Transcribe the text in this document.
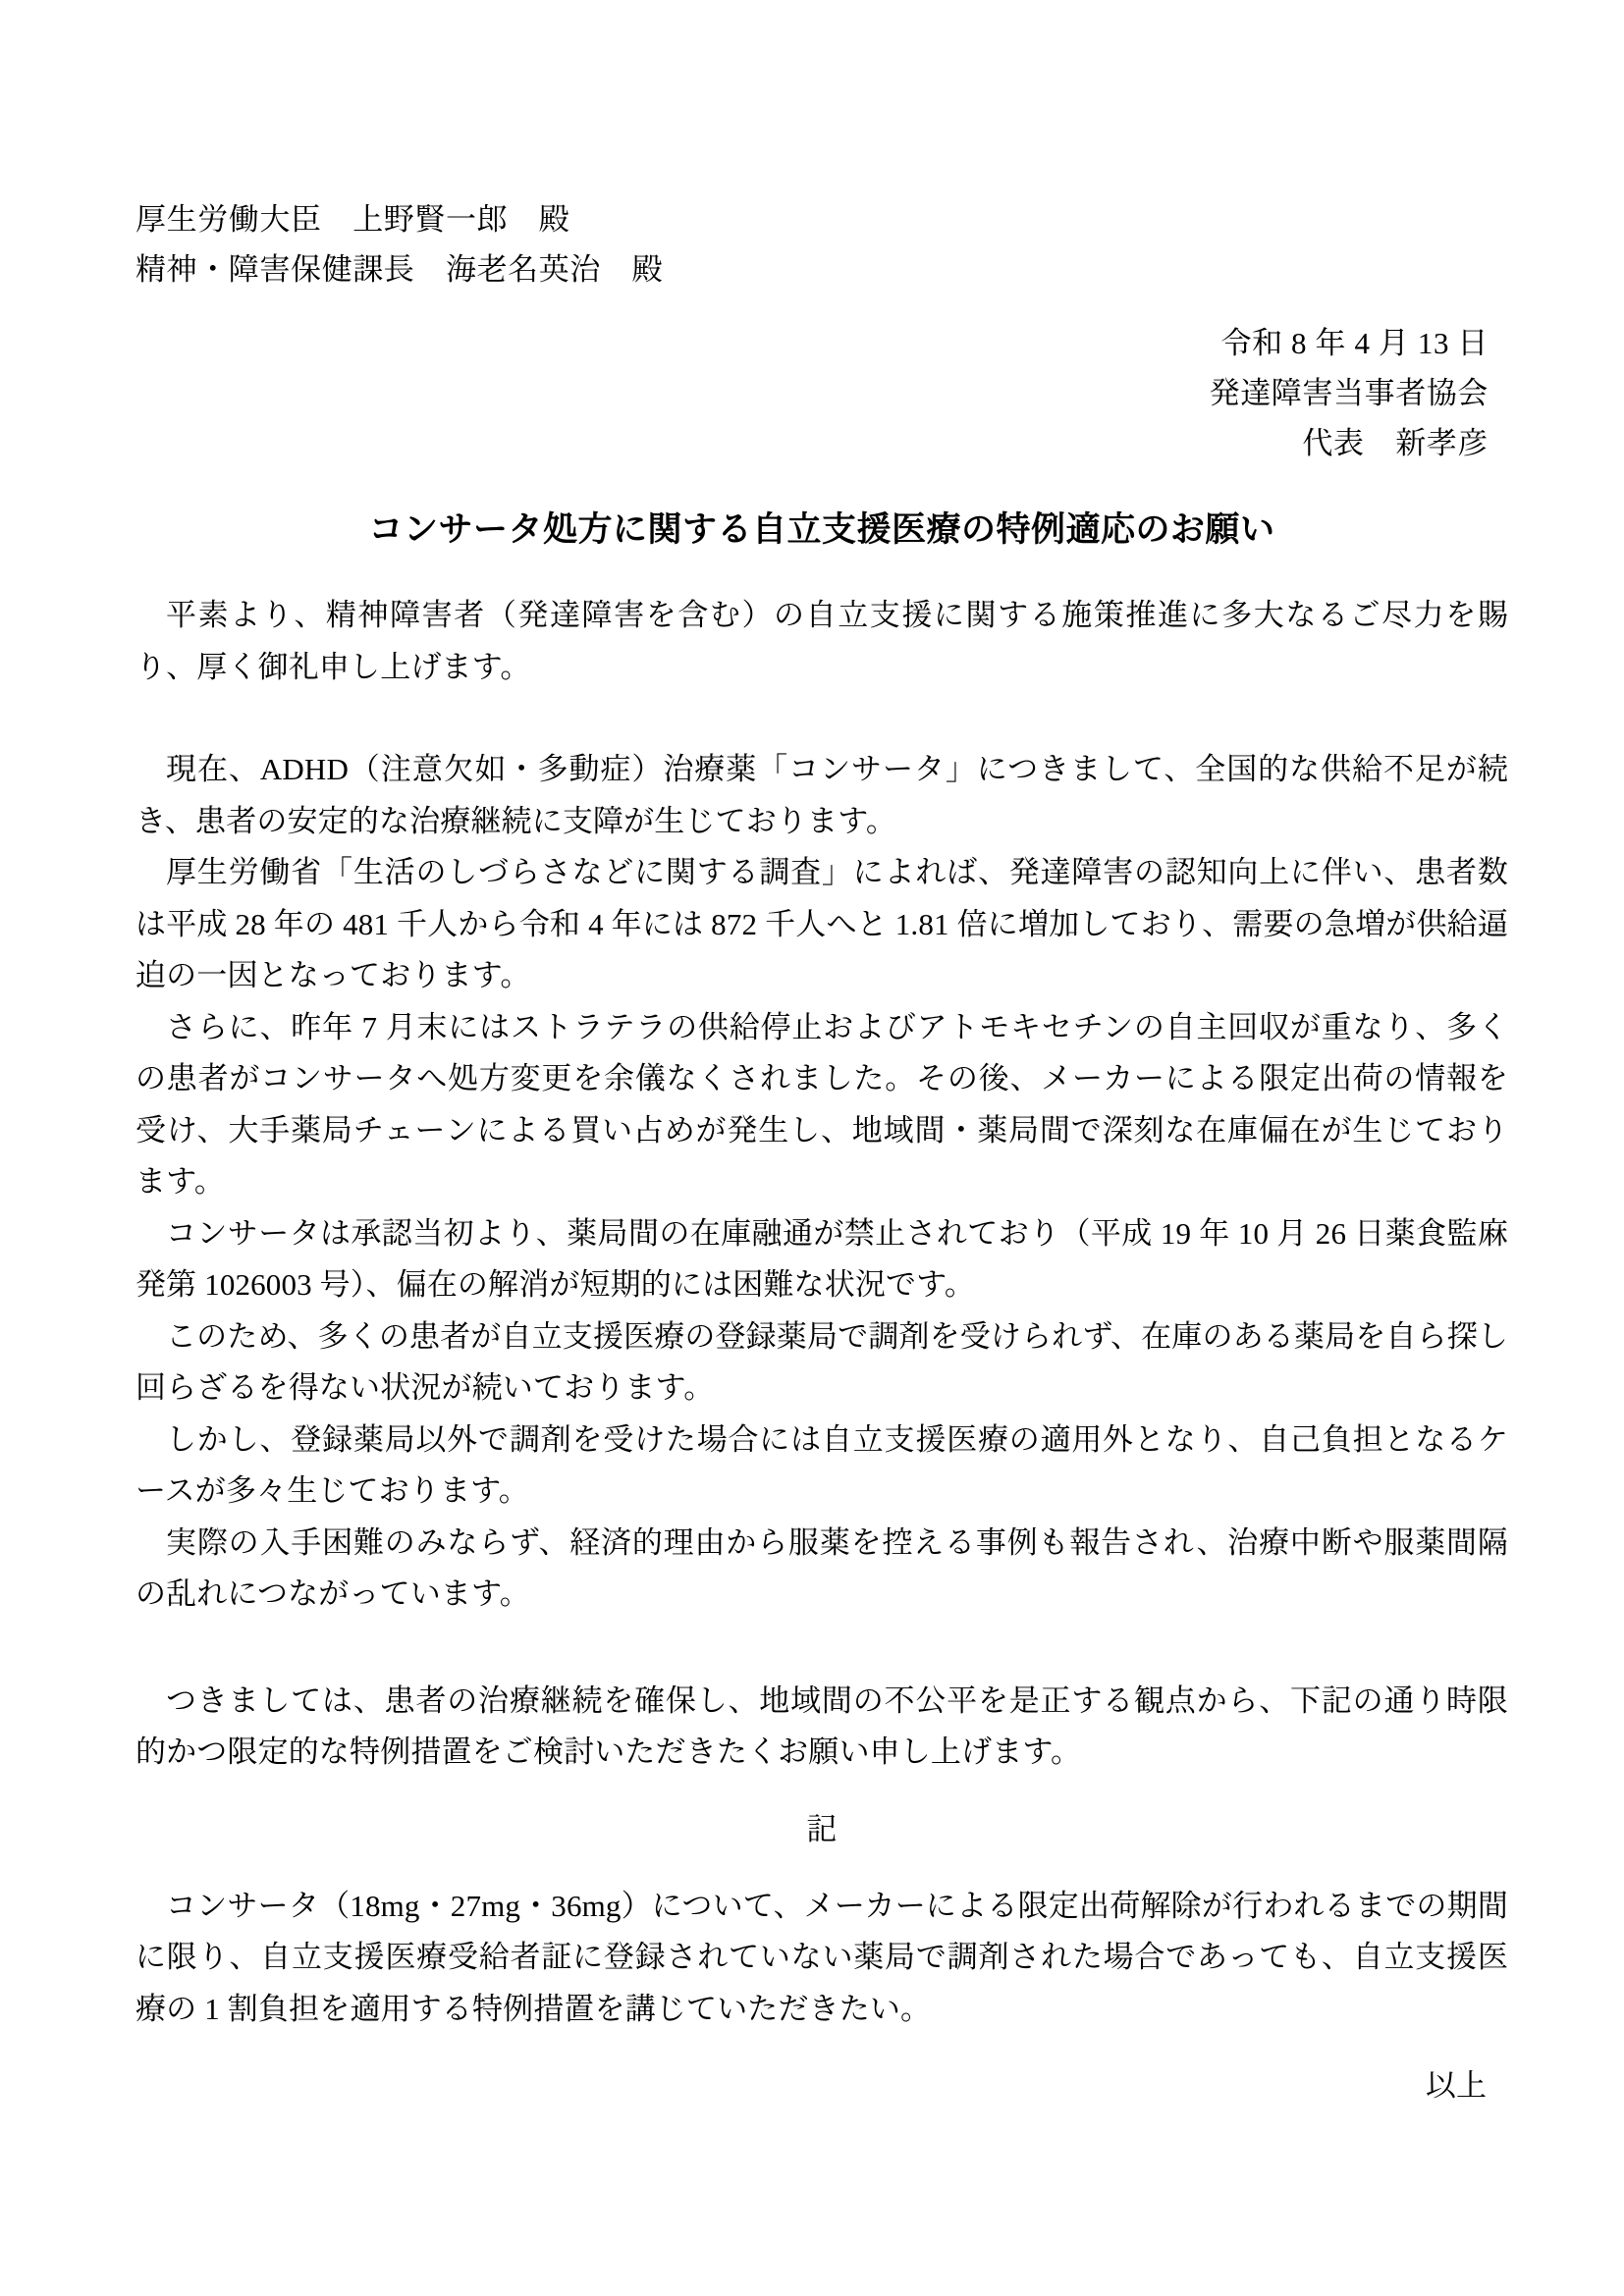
厚生労働大臣　上野賢一郎　殿
精神・障害保健課長　海老名英治　殿
令和 8 年 4 月 13 日
発達障害当事者協会
代表　新孝彦
コンサータ処方に関する自立支援医療の特例適応のお願い

平素より、精神障害者（発達障害を含む）の自立支援に関する施策推進に多大なるご尽力を賜り、厚く御礼申し上げます。

現在、ADHD（注意欠如・多動症）治療薬「コンサータ」につきまして、全国的な供給不足が続き、患者の安定的な治療継続に支障が生じております。

厚生労働省「生活のしづらさなどに関する調査」によれば、発達障害の認知向上に伴い、患者数は平成 28 年の 481 千人から令和 4 年には 872 千人へと 1.81 倍に増加しており、需要の急増が供給逼迫の一因となっております。

さらに、昨年 7 月末にはストラテラの供給停止およびアトモキセチンの自主回収が重なり、多くの患者がコンサータへ処方変更を余儀なくされました。その後、メーカーによる限定出荷の情報を受け、大手薬局チェーンによる買い占めが発生し、地域間・薬局間で深刻な在庫偏在が生じております。

コンサータは承認当初より、薬局間の在庫融通が禁止されており（平成 19 年 10 月 26 日薬食監麻発第 1026003 号）、偏在の解消が短期的には困難な状況です。

このため、多くの患者が自立支援医療の登録薬局で調剤を受けられず、在庫のある薬局を自ら探し回らざるを得ない状況が続いております。

しかし、登録薬局以外で調剤を受けた場合には自立支援医療の適用外となり、自己負担となるケースが多々生じております。

実際の入手困難のみならず、経済的理由から服薬を控える事例も報告され、治療中断や服薬間隔の乱れにつながっています。

つきましては、患者の治療継続を確保し、地域間の不公平を是正する観点から、下記の通り時限的かつ限定的な特例措置をご検討いただきたくお願い申し上げます。

記

コンサータ（18mg・27mg・36mg）について、メーカーによる限定出荷解除が行われるまでの期間に限り、自立支援医療受給者証に登録されていない薬局で調剤された場合であっても、自立支援医療の 1 割負担を適用する特例措置を講じていただきたい。

以上
